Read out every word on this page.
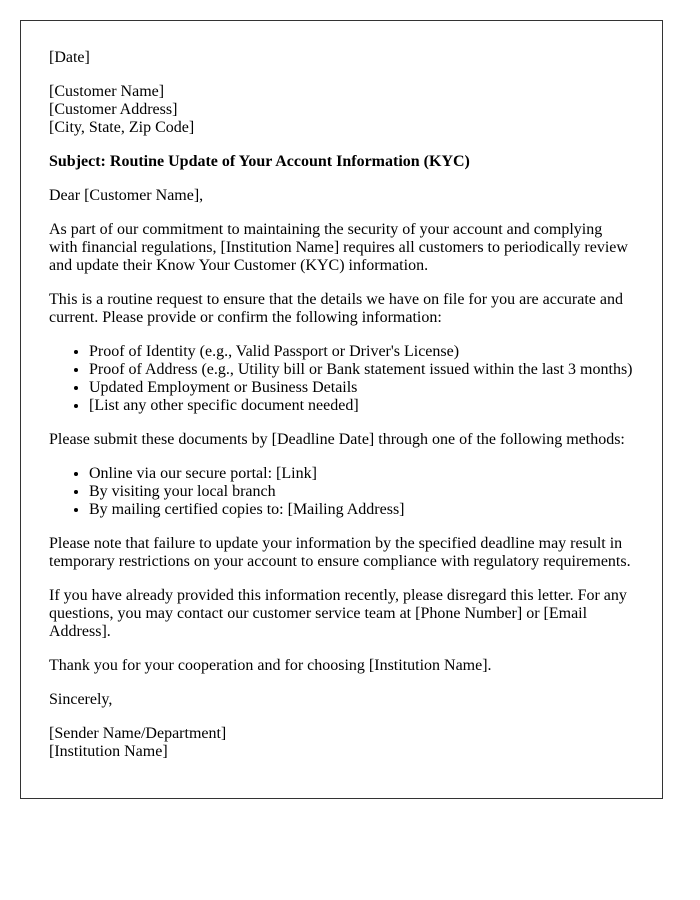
[Date]

[Customer Name]
[Customer Address]
[City, State, Zip Code]

Subject: Routine Update of Your Account Information (KYC)

Dear [Customer Name],

As part of our commitment to maintaining the security of your account and complying with financial regulations, [Institution Name] requires all customers to periodically review and update their Know Your Customer (KYC) information.

This is a routine request to ensure that the details we have on file for you are accurate and current. Please provide or confirm the following information:

• Proof of Identity (e.g., Valid Passport or Driver's License)
• Proof of Address (e.g., Utility bill or Bank statement issued within the last 3 months)
• Updated Employment or Business Details
• [List any other specific document needed]

Please submit these documents by [Deadline Date] through one of the following methods:

• Online via our secure portal: [Link]
• By visiting your local branch
• By mailing certified copies to: [Mailing Address]

Please note that failure to update your information by the specified deadline may result in temporary restrictions on your account to ensure compliance with regulatory requirements.

If you have already provided this information recently, please disregard this letter. For any questions, you may contact our customer service team at [Phone Number] or [Email Address].

Thank you for your cooperation and for choosing [Institution Name].

Sincerely,

[Sender Name/Department]
[Institution Name]
